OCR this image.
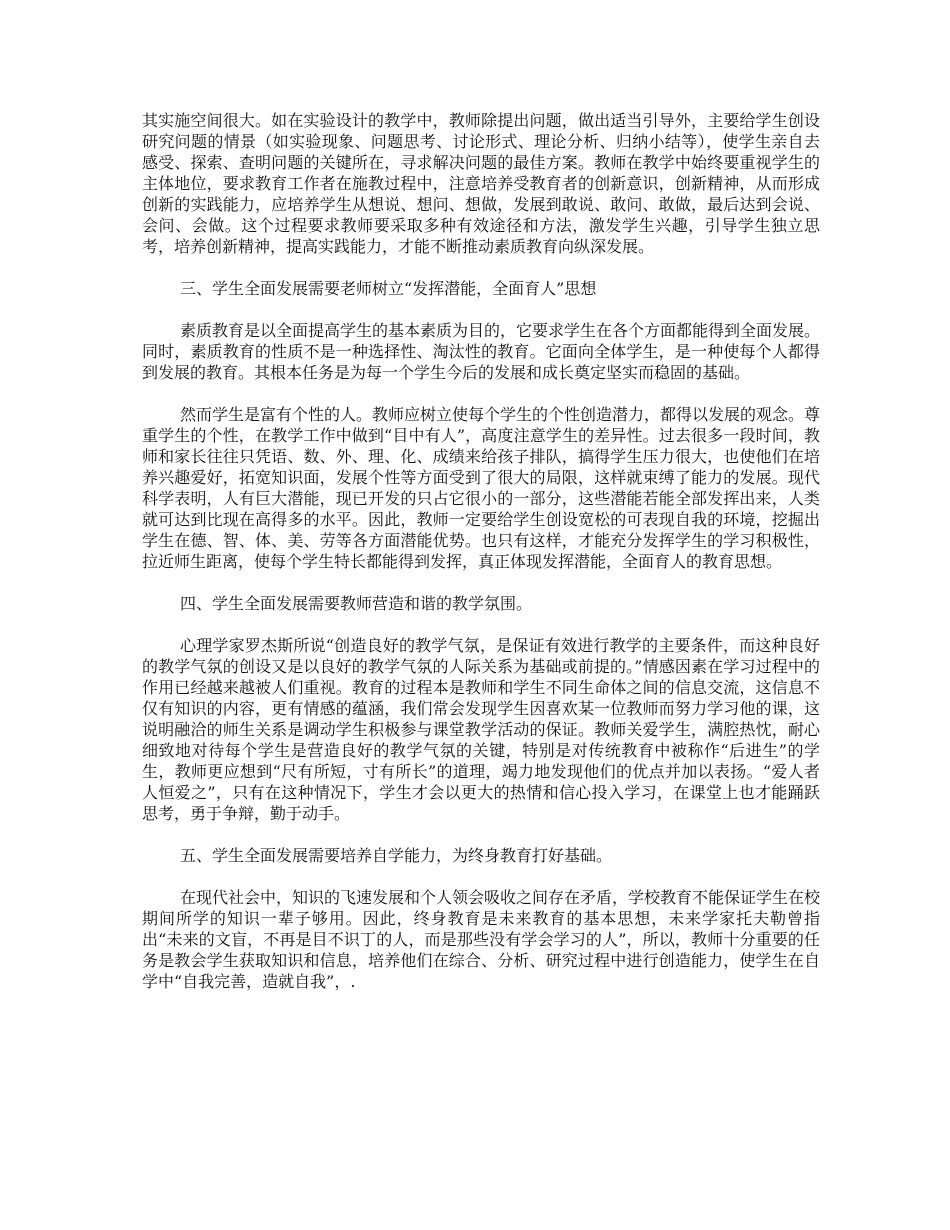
其实施空间很大。如在实验设计的教学中，教师除提出问题，做出适当引导外，主要给学生创设研究问题的情景（如实验现象、问题思考、讨论形式、理论分析、归纳小结等），使学生亲自去感受、探索、查明问题的关键所在，寻求解决问题的最佳方案。教师在教学中始终要重视学生的主体地位，要求教育工作者在施教过程中，注意培养受教育者的创新意识，创新精神，从而形成创新的实践能力，应培养学生从想说、想问、想做，发展到敢说、敢问、敢做，最后达到会说、会问、会做。这个过程要求教师要采取多种有效途径和方法，激发学生兴趣，引导学生独立思考，培养创新精神，提高实践能力，才能不断推动素质教育向纵深发展。

三、学生全面发展需要老师树立“发挥潜能，全面育人”思想

素质教育是以全面提高学生的基本素质为目的，它要求学生在各个方面都能得到全面发展。同时，素质教育的性质不是一种选择性、淘汰性的教育。它面向全体学生，是一种使每个人都得到发展的教育。其根本任务是为每一个学生今后的发展和成长奠定坚实而稳固的基础。

然而学生是富有个性的人。教师应树立使每个学生的个性创造潜力，都得以发展的观念。尊重学生的个性，在教学工作中做到“目中有人”，高度注意学生的差异性。过去很多一段时间，教师和家长往往只凭语、数、外、理、化、成绩来给孩子排队，搞得学生压力很大，也使他们在培养兴趣爱好，拓宽知识面，发展个性等方面受到了很大的局限，这样就束缚了能力的发展。现代科学表明，人有巨大潜能，现已开发的只占它很小的一部分，这些潜能若能全部发挥出来，人类就可达到比现在高得多的水平。因此，教师一定要给学生创设宽松的可表现自我的环境，挖掘出学生在德、智、体、美、劳等各方面潜能优势。也只有这样，才能充分发挥学生的学习积极性，拉近师生距离，使每个学生特长都能得到发挥，真正体现发挥潜能，全面育人的教育思想。

四、学生全面发展需要教师营造和谐的教学氛围。

心理学家罗杰斯所说“创造良好的教学气氛，是保证有效进行教学的主要条件，而这种良好的教学气氛的创设又是以良好的教学气氛的人际关系为基础或前提的。”情感因素在学习过程中的作用已经越来越被人们重视。教育的过程本是教师和学生不同生命体之间的信息交流，这信息不仅有知识的内容，更有情感的蕴涵，我们常会发现学生因喜欢某一位教师而努力学习他的课，这说明融洽的师生关系是调动学生积极参与课堂教学活动的保证。教师关爱学生，满腔热忱，耐心细致地对待每个学生是营造良好的教学气氛的关键，特别是对传统教育中被称作“后进生”的学生，教师更应想到“尺有所短，寸有所长”的道理，竭力地发现他们的优点并加以表扬。“爱人者人恒爱之”，只有在这种情况下，学生才会以更大的热情和信心投入学习，在课堂上也才能踊跃思考，勇于争辩，勤于动手。

五、学生全面发展需要培养自学能力，为终身教育打好基础。

在现代社会中，知识的飞速发展和个人领会吸收之间存在矛盾，学校教育不能保证学生在校期间所学的知识一辈子够用。因此，终身教育是未来教育的基本思想，未来学家托夫勒曾指出“未来的文盲，不再是目不识丁的人，而是那些没有学会学习的人”，所以，教师十分重要的任务是教会学生获取知识和信息，培养他们在综合、分析、研究过程中进行创造能力，使学生在自学中“自我完善，造就自我”，.
